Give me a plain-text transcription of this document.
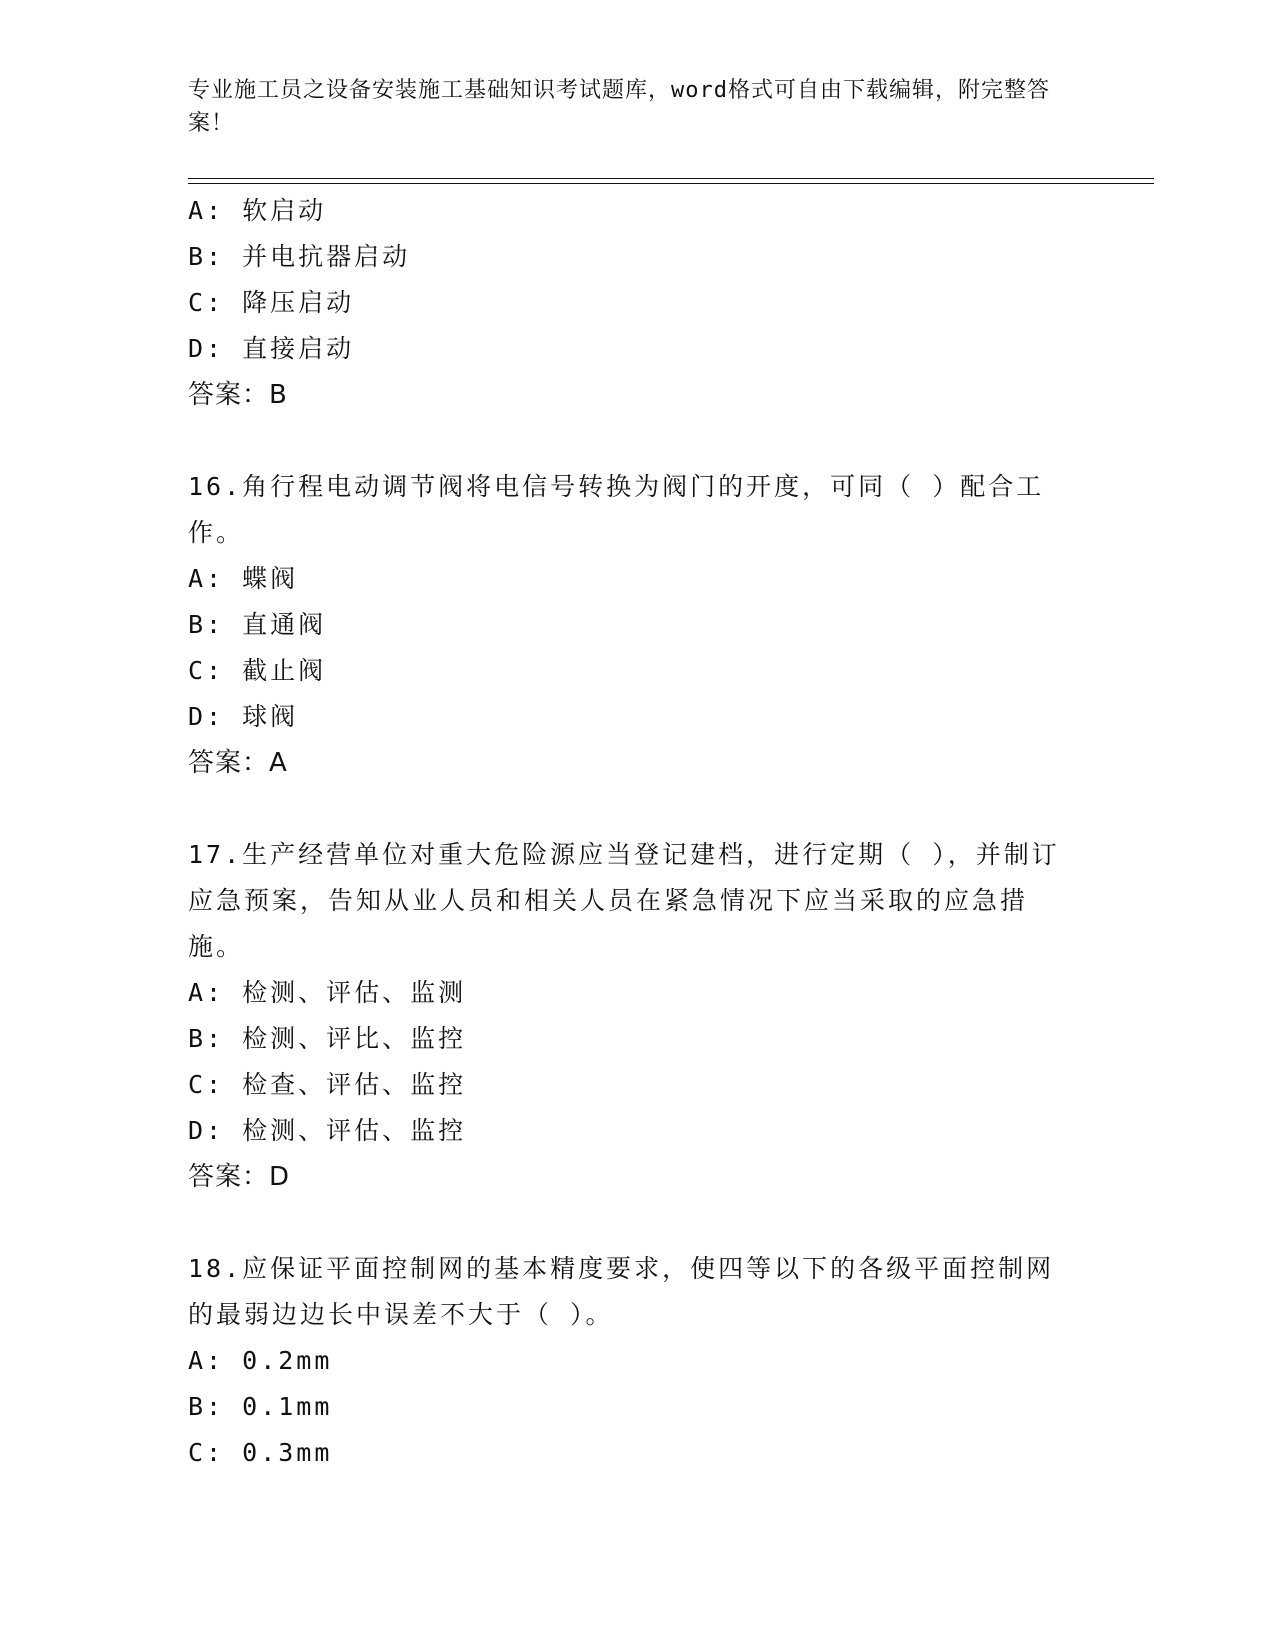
专业施工员之设备安装施工基础知识考试题库，word格式可自由下载编辑，附完整答案！
A: 软启动
B: 并电抗器启动
C: 降压启动
D: 直接启动
答案：B
16.角行程电动调节阀将电信号转换为阀门的开度，可同（ ）配合工作。
A: 蝶阀
B: 直通阀
C: 截止阀
D: 球阀
答案：A
17.生产经营单位对重大危险源应当登记建档，进行定期（ ），并制订应急预案，告知从业人员和相关人员在紧急情况下应当采取的应急措施。
A: 检测、评估、监测
B: 检测、评比、监控
C: 检查、评估、监控
D: 检测、评估、监控
答案：D
18.应保证平面控制网的基本精度要求，使四等以下的各级平面控制网的最弱边边长中误差不大于（ ）。
A: 0.2mm
B: 0.1mm
C: 0.3mm
